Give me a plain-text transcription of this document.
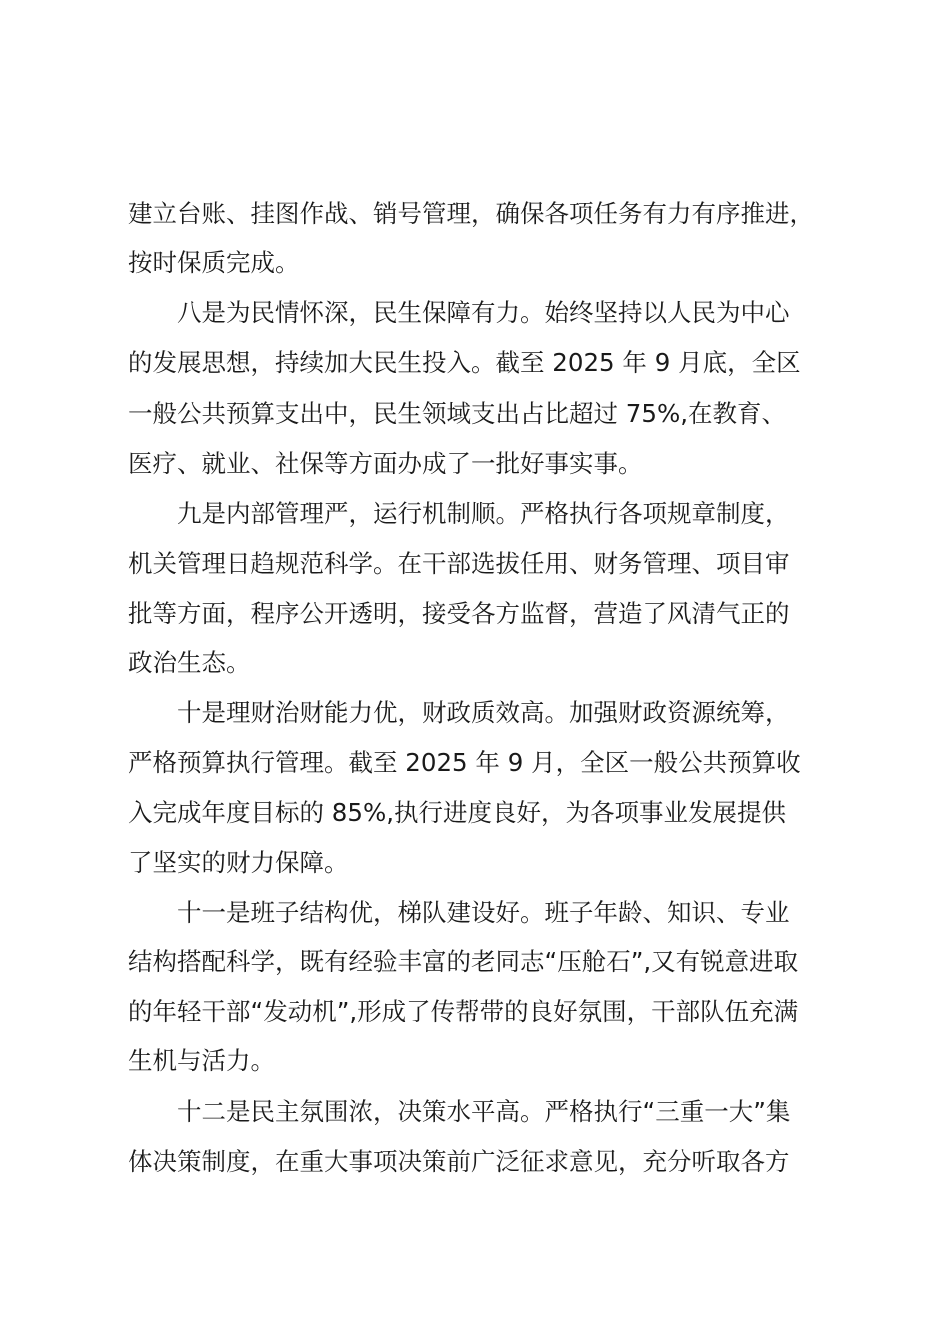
建立台账、挂图作战、销号管理，确保各项任务有力有序推进，
按时保质完成。
八是为民情怀深，民生保障有力。始终坚持以人民为中心
的发展思想，持续加大民生投入。截至 2025 年 9 月底，全区
一般公共预算支出中，民生领域支出占比超过 75%,在教育、
医疗、就业、社保等方面办成了一批好事实事。
九是内部管理严，运行机制顺。严格执行各项规章制度，
机关管理日趋规范科学。在干部选拔任用、财务管理、项目审
批等方面，程序公开透明，接受各方监督，营造了风清气正的
政治生态。
十是理财治财能力优，财政质效高。加强财政资源统筹，
严格预算执行管理。截至 2025 年 9 月，全区一般公共预算收
入完成年度目标的 85%,执行进度良好，为各项事业发展提供
了坚实的财力保障。
十一是班子结构优，梯队建设好。班子年龄、知识、专业
结构搭配科学，既有经验丰富的老同志“压舱石”,又有锐意进取
的年轻干部“发动机”,形成了传帮带的良好氛围，干部队伍充满
生机与活力。
十二是民主氛围浓，决策水平高。严格执行“三重一大”集
体决策制度，在重大事项决策前广泛征求意见，充分听取各方
